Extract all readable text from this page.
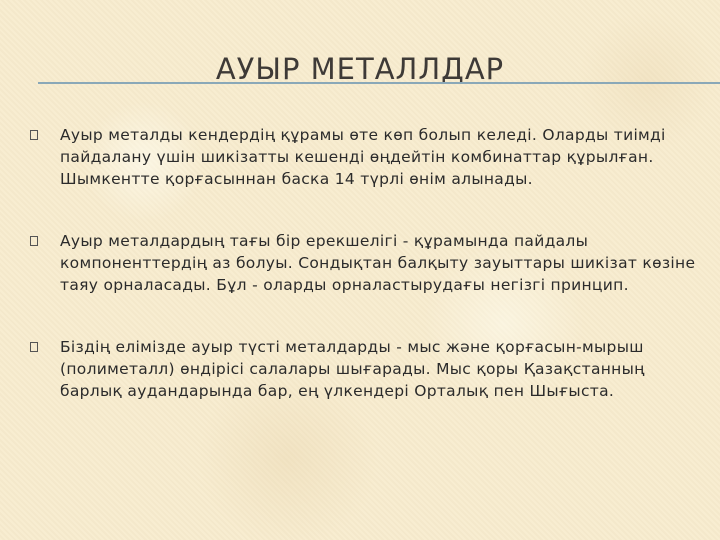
АУЫР МЕТАЛЛДАР

Ауыр металды кендердің құрамы өте көп болып келеді. Оларды тиімді пайдалану үшін шикізатты кешенді өңдейтін комбинаттар құрылған. Шымкентте қорғасыннан баска 14 түрлі өнім алынады.

Ауыр металдардың тағы бір ерекшелігі - құрамында пайдалы компоненттердің аз болуы. Сондықтан балқыту зауыттары шикізат көзіне таяу орналасады. Бұл - оларды орналастырудағы негізгі принцип.

Біздің елімізде ауыр түсті металдарды - мыс және қорғасын-мырыш (полиметалл) өндірісі салалары шығарады. Мыс қоры Қазақстанның барлық аудандарында бар, ең үлкендері Орталық пен Шығыста.
